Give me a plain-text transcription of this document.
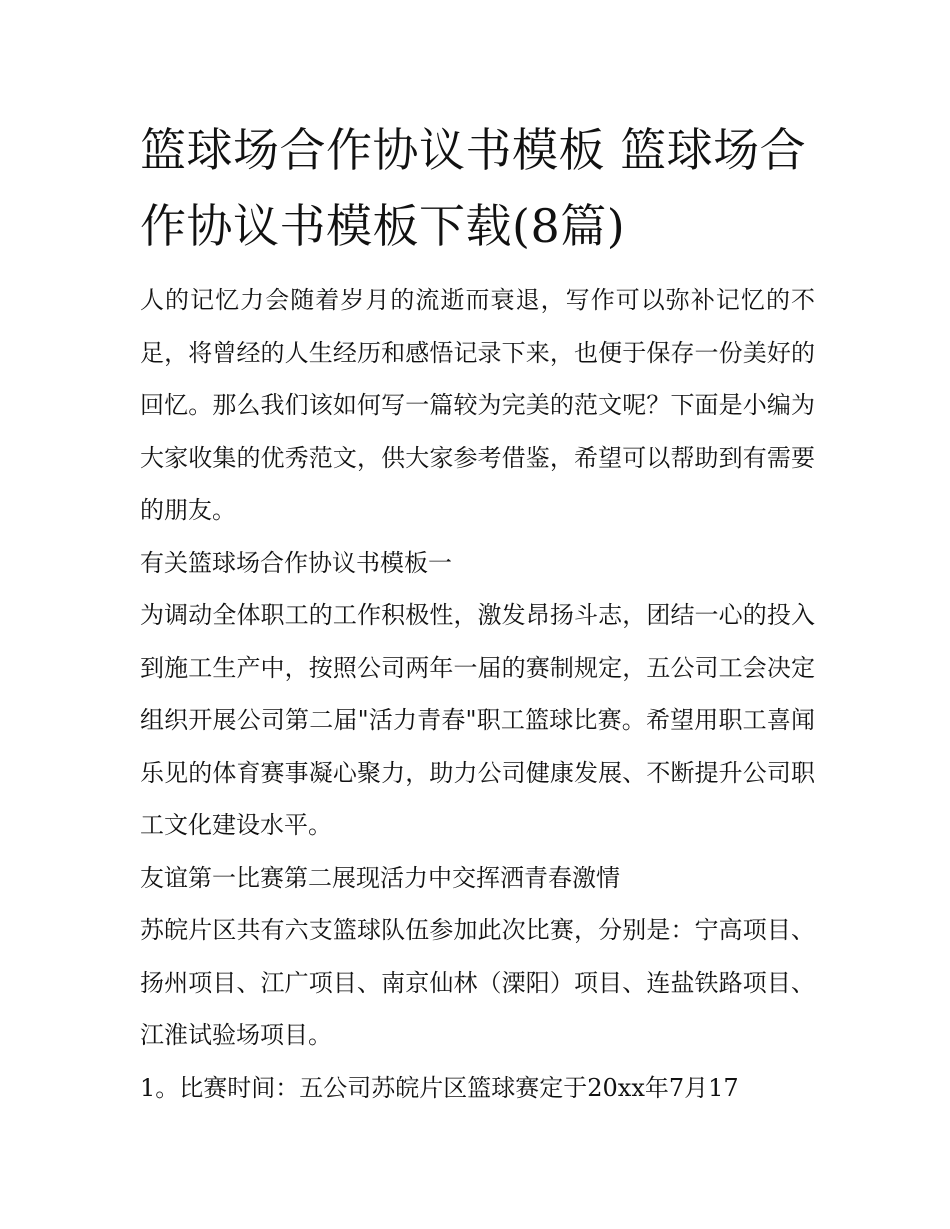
篮球场合作协议书模板 篮球场合作协议书模板下载(8篇)

人的记忆力会随着岁月的流逝而衰退，写作可以弥补记忆的不足，将曾经的人生经历和感悟记录下来，也便于保存一份美好的回忆。那么我们该如何写一篇较为完美的范文呢？下面是小编为大家收集的优秀范文，供大家参考借鉴，希望可以帮助到有需要的朋友。

有关篮球场合作协议书模板一

为调动全体职工的工作积极性，激发昂扬斗志，团结一心的投入到施工生产中，按照公司两年一届的赛制规定，五公司工会决定组织开展公司第二届"活力青春"职工篮球比赛。希望用职工喜闻乐见的体育赛事凝心聚力，助力公司健康发展、不断提升公司职工文化建设水平。

友谊第一比赛第二展现活力中交挥洒青春激情

苏皖片区共有六支篮球队伍参加此次比赛，分别是：宁高项目、扬州项目、江广项目、南京仙林（溧阳）项目、连盐铁路项目、江淮试验场项目。

1。比赛时间：五公司苏皖片区篮球赛定于20xx年7月17
